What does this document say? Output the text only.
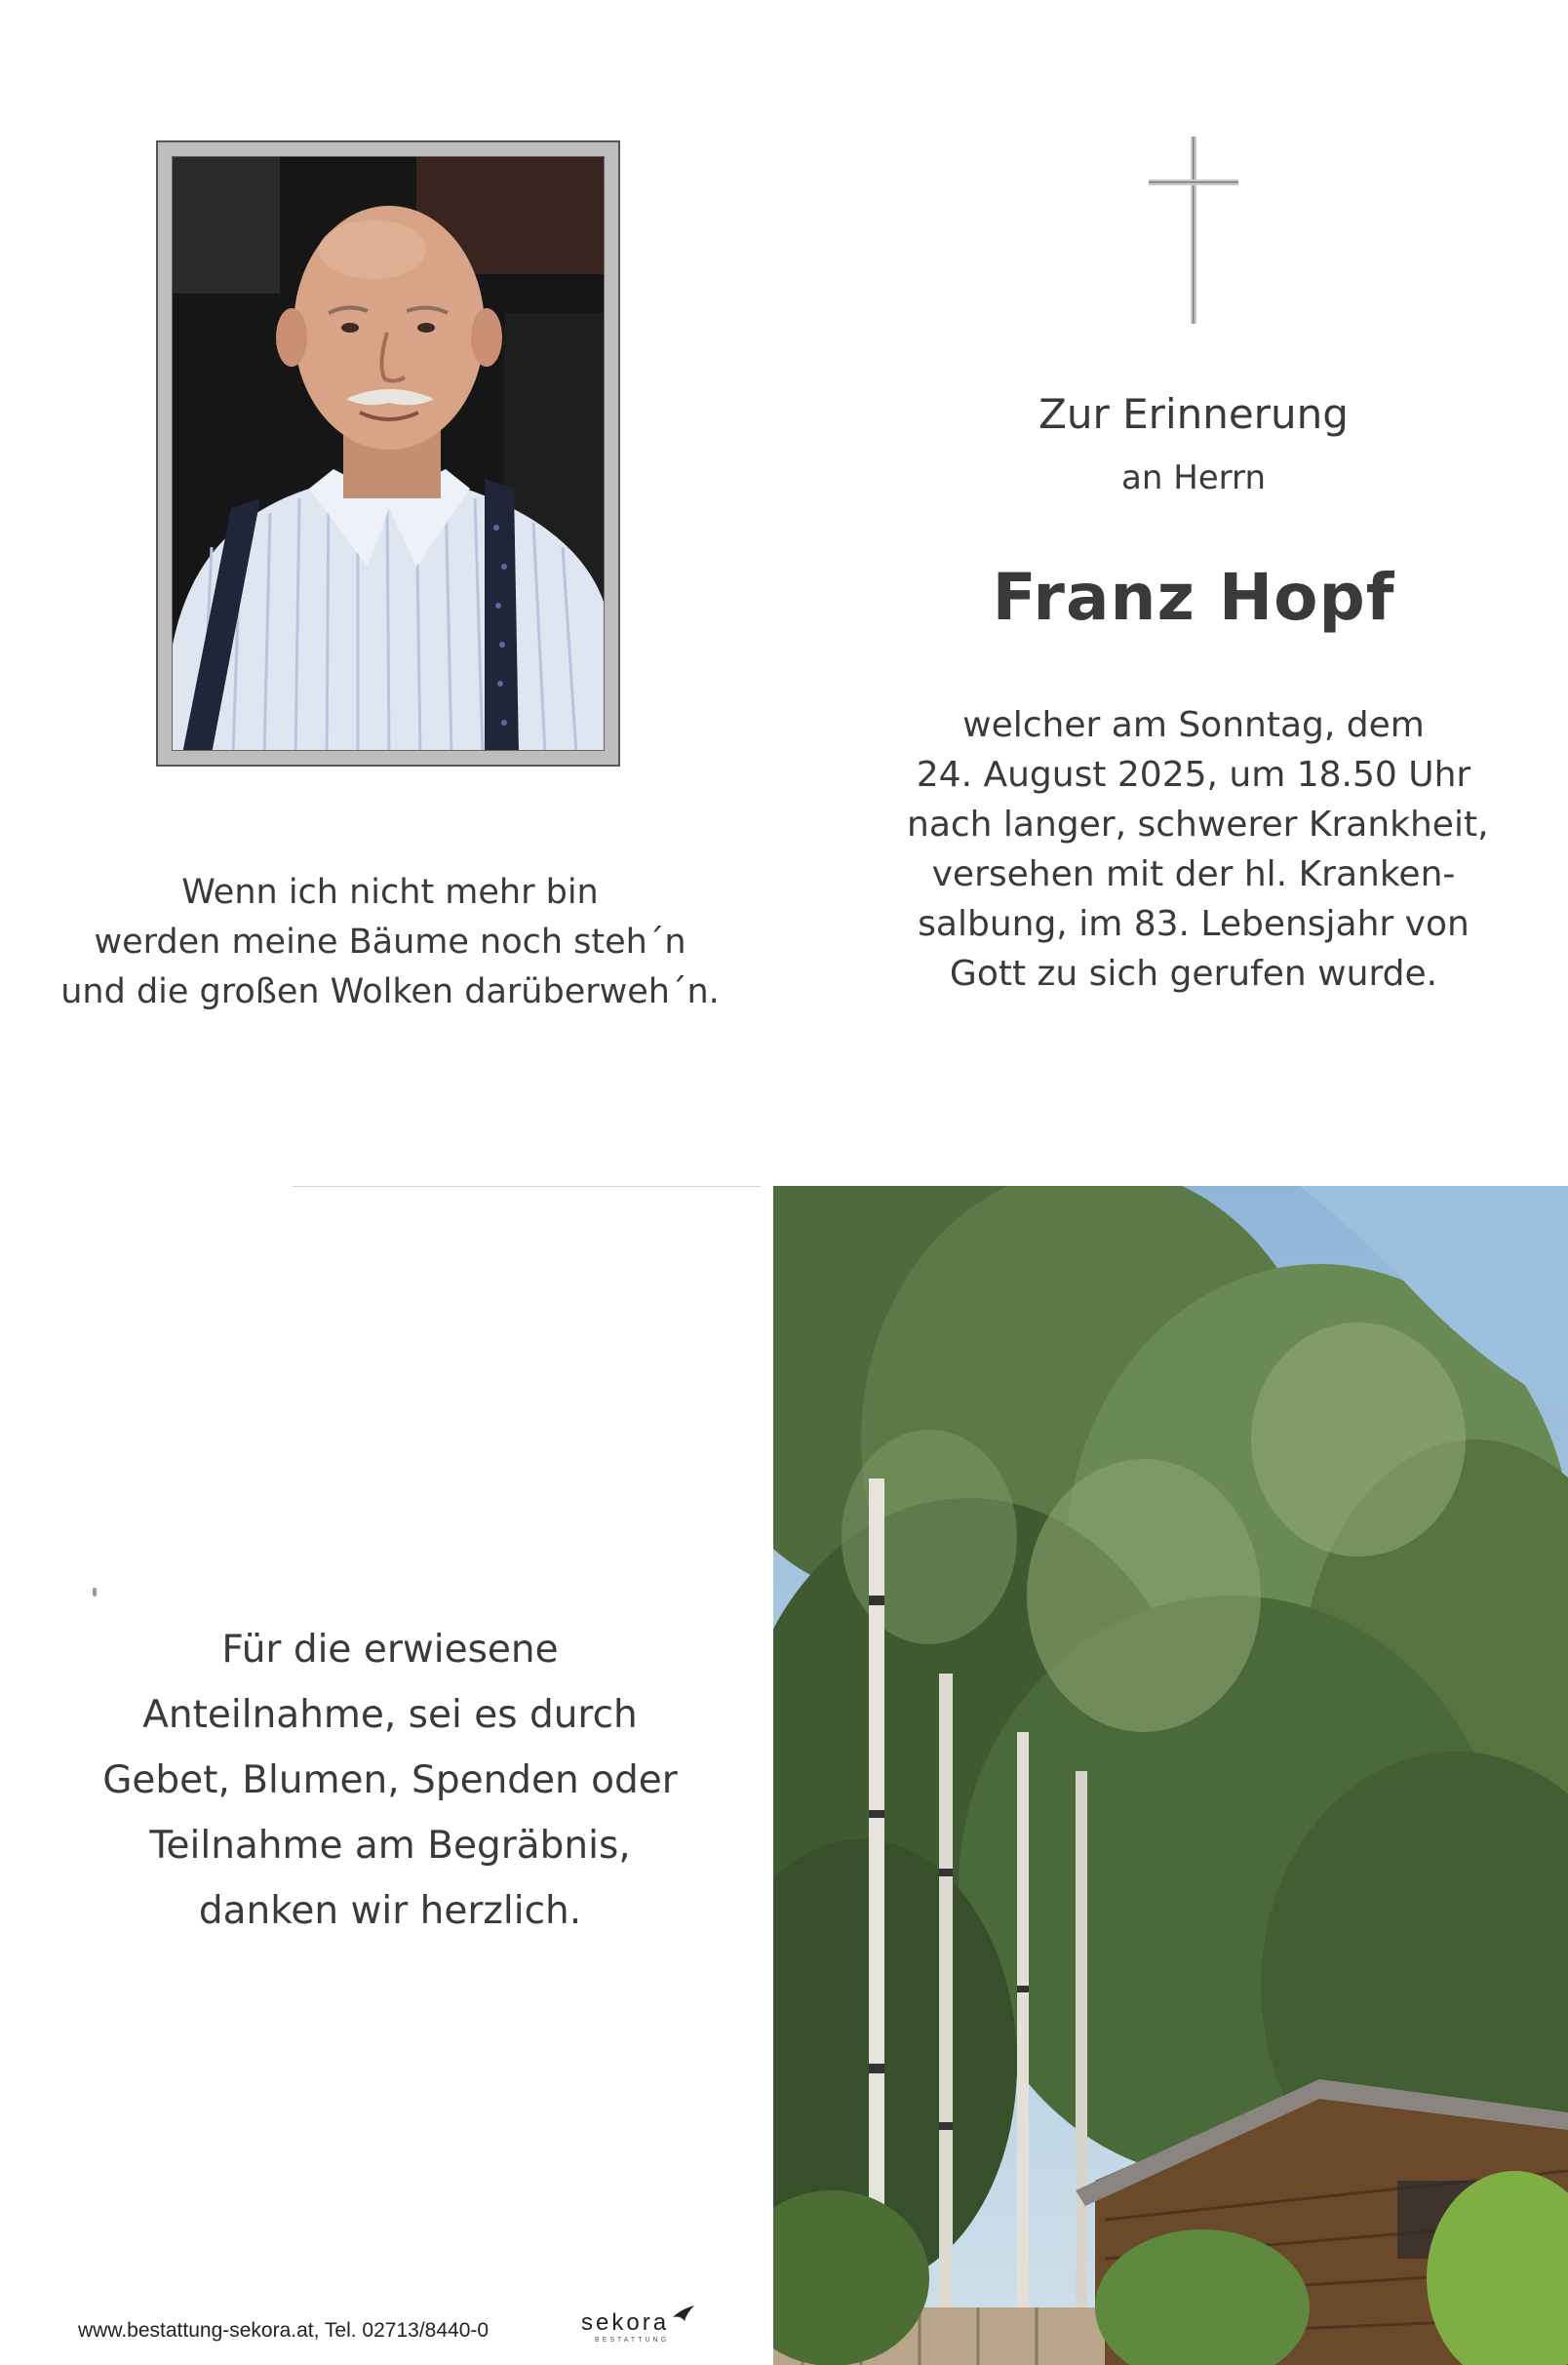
Zur Erinnerung
an Herrn
Franz Hopf
welcher am Sonntag, dem
24. August 2025, um 18.50 Uhr
nach langer, schwerer Krankheit,
versehen mit der hl. Kranken-
salbung, im 83. Lebensjahr von
Gott zu sich gerufen wurde.
Wenn ich nicht mehr bin
werden meine Bäume noch steh´n
und die großen Wolken darüberweh´n.
Für die erwiesene
Anteilnahme, sei es durch
Gebet, Blumen, Spenden oder
Teilnahme am Begräbnis,
danken wir herzlich.
www.bestattung-sekora.at, Tel. 02713/8440-0	sekora
BESTATTUNG
